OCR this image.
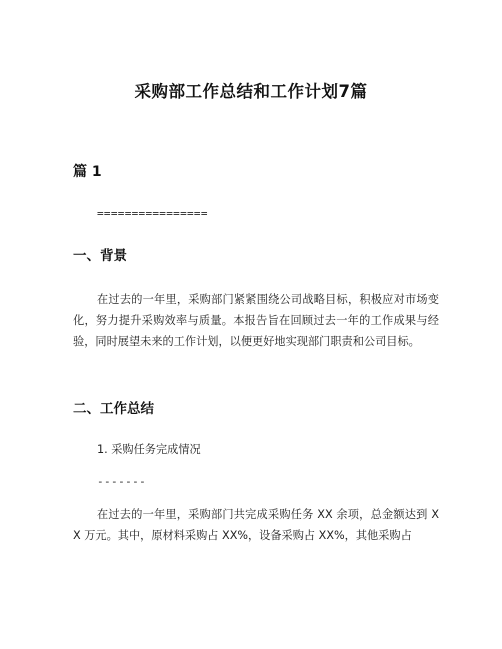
采购部工作总结和工作计划7篇
篇 1

================

一、背景

在过去的一年里，采购部门紧紧围绕公司战略目标，积极应对市场变化，努力提升采购效率与质量。本报告旨在回顾过去一年的工作成果与经验，同时展望未来的工作计划，以便更好地实现部门职责和公司目标。

二、工作总结

1. 采购任务完成情况

-------

在过去的一年里，采购部门共完成采购任务 XX 余项，总金额达到 XX 万元。其中，原材料采购占 XX%，设备采购占 XX%，其他采购占
